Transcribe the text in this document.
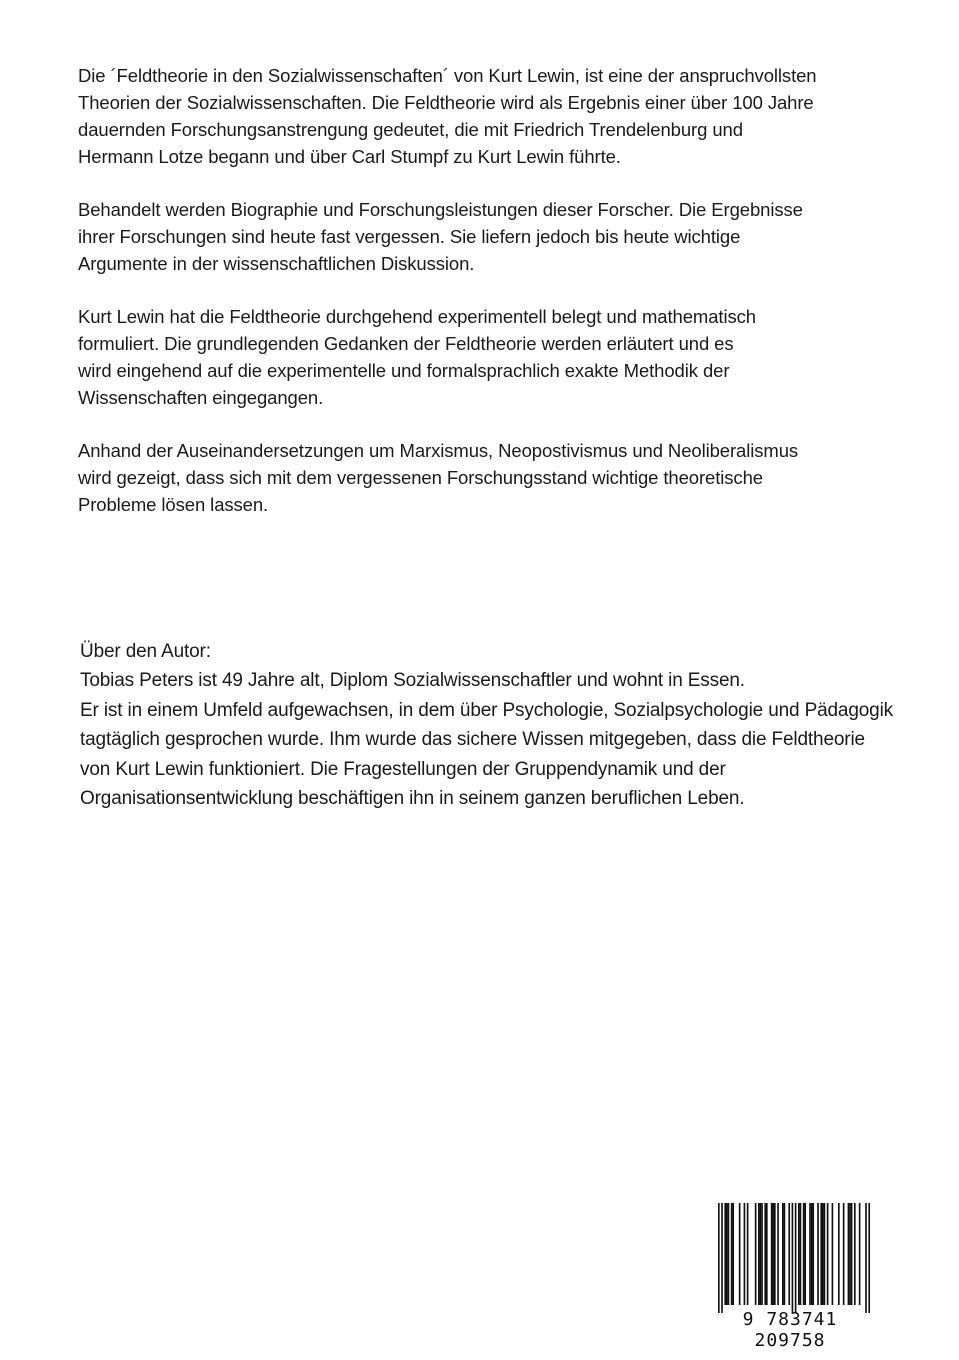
Die ´Feldtheorie in den Sozialwissenschaften´ von Kurt Lewin, ist eine der anspruchvollsten
Theorien der Sozialwissenschaften. Die Feldtheorie wird als Ergebnis einer über 100 Jahre
dauernden Forschungsanstrengung gedeutet, die mit Friedrich Trendelenburg und
Hermann Lotze begann und über Carl Stumpf zu Kurt Lewin führte.

Behandelt werden Biographie und Forschungsleistungen dieser Forscher. Die Ergebnisse
ihrer Forschungen sind heute fast vergessen. Sie liefern jedoch bis heute wichtige
Argumente in der wissenschaftlichen Diskussion.

Kurt Lewin hat die Feldtheorie durchgehend experimentell belegt und mathematisch
formuliert. Die grundlegenden Gedanken der Feldtheorie werden erläutert und es
wird eingehend auf die experimentelle und formalsprachlich exakte Methodik der
Wissenschaften eingegangen.

Anhand der Auseinandersetzungen um Marxismus, Neopostivismus und Neoliberalismus
wird gezeigt, dass sich mit dem vergessenen Forschungsstand wichtige theoretische
Probleme lösen lassen.

Über den Autor:
Tobias Peters ist 49 Jahre alt, Diplom Sozialwissenschaftler und wohnt in Essen.
Er ist in einem Umfeld aufgewachsen, in dem über Psychologie, Sozialpsychologie und Pädagogik
tagtäglich gesprochen wurde. Ihm wurde das sichere Wissen mitgegeben, dass die Feldtheorie
von Kurt Lewin funktioniert. Die Fragestellungen der Gruppendynamik und der
Organisationsentwicklung beschäftigen ihn in seinem ganzen beruflichen Leben.
9 783741 209758
